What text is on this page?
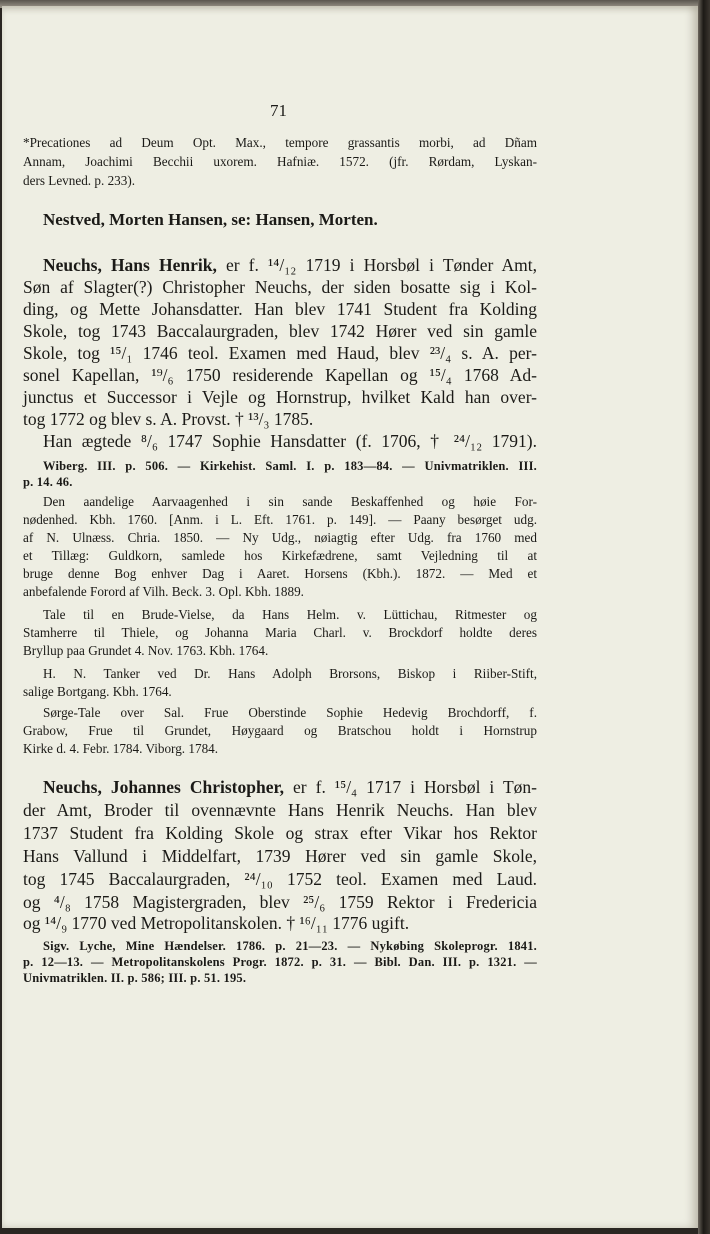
71
*Precationes ad Deum Opt. Max., tempore grassantis morbi, ad Dñam
Annam, Joachimi Becchii uxorem. Hafniæ. 1572. (jfr. Rørdam, Lyskan-
ders Levned. p. 233).
Nestved, Morten Hansen, se: Hansen, Morten.
Neuchs, Hans Henrik, er f. ¹⁴/₁₂ 1719 i Horsbøl i Tønder Amt,
Søn af Slagter(?) Christopher Neuchs, der siden bosatte sig i Kol-
ding, og Mette Johansdatter. Han blev 1741 Student fra Kolding
Skole, tog 1743 Baccalaurgraden, blev 1742 Hører ved sin gamle
Skole, tog ¹⁵/₁ 1746 teol. Examen med Haud, blev ²³/₄ s. A. per-
sonel Kapellan, ¹⁹/₆ 1750 residerende Kapellan og ¹⁵/₄ 1768 Ad-
junctus et Successor i Vejle og Hornstrup, hvilket Kald han over-
tog 1772 og blev s. A. Provst. † ¹³/₃ 1785.
Han ægtede ⁸/₆ 1747 Sophie Hansdatter (f. 1706, † ²⁴/₁₂ 1791).
Wiberg. III. p. 506. — Kirkehist. Saml. I. p. 183—84. — Univmatriklen. III.
p. 14. 46.
Den aandelige Aarvaagenhed i sin sande Beskaffenhed og høie For-
nødenhed. Kbh. 1760. [Anm. i L. Eft. 1761. p. 149]. — Paany besørget udg.
af N. Ulnæss. Chria. 1850. — Ny Udg., nøiagtig efter Udg. fra 1760 med
et Tillæg: Guldkorn, samlede hos Kirkefædrene, samt Vejledning til at
bruge denne Bog enhver Dag i Aaret. Horsens (Kbh.). 1872. — Med et
anbefalende Forord af Vilh. Beck. 3. Opl. Kbh. 1889.
Tale til en Brude-Vielse, da Hans Helm. v. Lüttichau, Ritmester og
Stamherre til Thiele, og Johanna Maria Charl. v. Brockdorf holdte deres
Bryllup paa Grundet 4. Nov. 1763. Kbh. 1764.
H. N. Tanker ved Dr. Hans Adolph Brorsons, Biskop i Riiber-Stift,
salige Bortgang. Kbh. 1764.
Sørge-Tale over Sal. Frue Oberstinde Sophie Hedevig Brochdorff, f.
Grabow, Frue til Grundet, Høygaard og Bratschou holdt i Hornstrup
Kirke d. 4. Febr. 1784. Viborg. 1784.
Neuchs, Johannes Christopher, er f. ¹⁵/₄ 1717 i Horsbøl i Tøn-
der Amt, Broder til ovennævnte Hans Henrik Neuchs. Han blev
1737 Student fra Kolding Skole og strax efter Vikar hos Rektor
Hans Vallund i Middelfart, 1739 Hører ved sin gamle Skole,
tog 1745 Baccalaurgraden, ²⁴/₁₀ 1752 teol. Examen med Laud.
og ⁴/₈ 1758 Magistergraden, blev ²⁵/₆ 1759 Rektor i Fredericia
og ¹⁴/₉ 1770 ved Metropolitanskolen. † ¹⁶/₁₁ 1776 ugift.
Sigv. Lyche, Mine Hændelser. 1786. p. 21—23. — Nykøbing Skoleprogr. 1841.
p. 12—13. — Metropolitanskolens Progr. 1872. p. 31. — Bibl. Dan. III. p. 1321. —
Univmatriklen. II. p. 586; III. p. 51. 195.
